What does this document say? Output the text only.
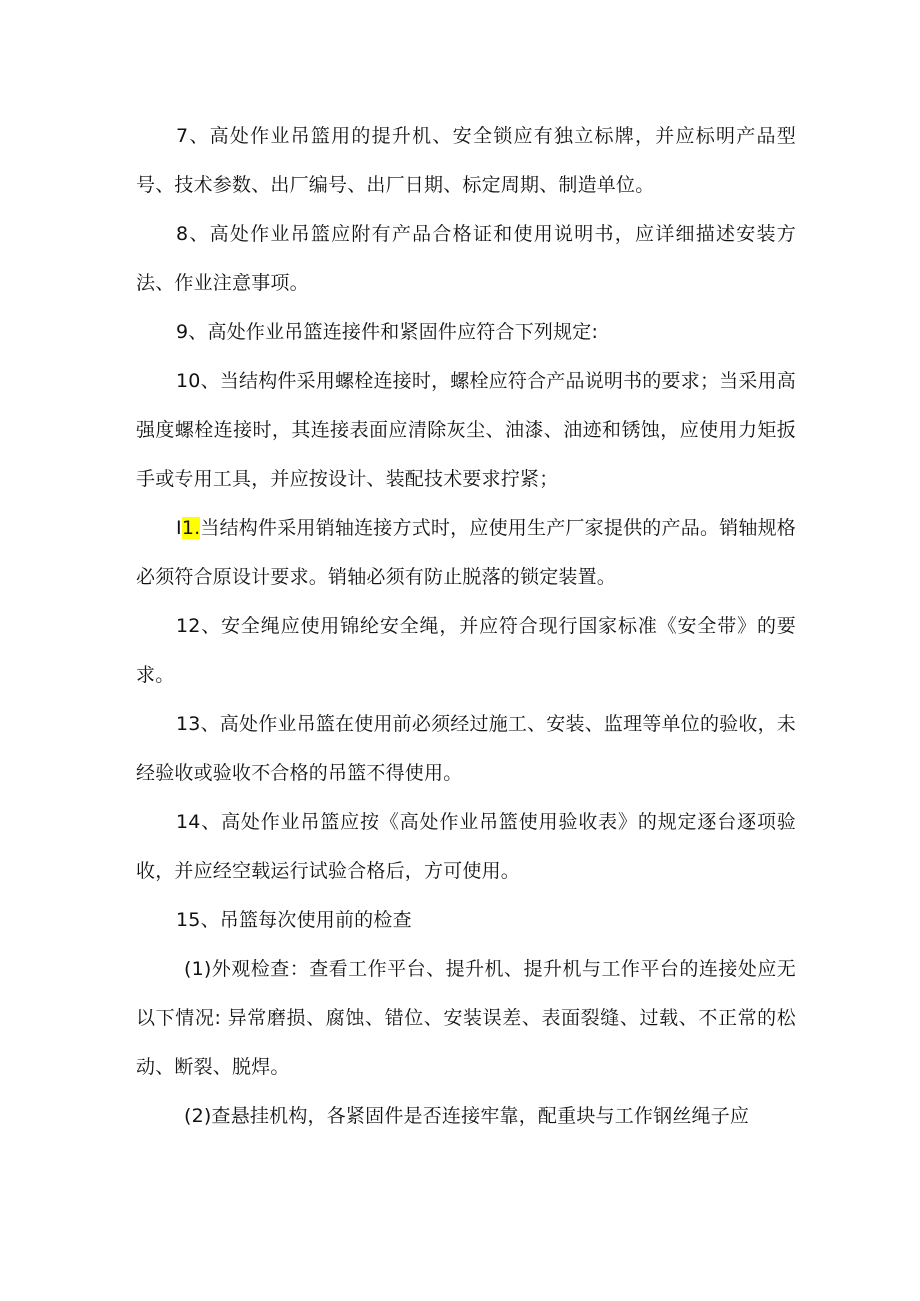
7、高处作业吊篮用的提升机、安全锁应有独立标牌，并应标明产品型号、技术参数、出厂编号、出厂日期、标定周期、制造单位。

8、高处作业吊篮应附有产品合格证和使用说明书，应详细描述安装方法、作业注意事项。

9、高处作业吊篮连接件和紧固件应符合下列规定:

10、当结构件采用螺栓连接时，螺栓应符合产品说明书的要求；当采用高强度螺栓连接时，其连接表面应清除灰尘、油漆、油迹和锈蚀，应使用力矩扳手或专用工具，并应按设计、装配技术要求拧紧；

I1.当结构件采用销轴连接方式时，应使用生产厂家提供的产品。销轴规格必须符合原设计要求。销轴必须有防止脱落的锁定装置。

12、安全绳应使用锦纶安全绳，并应符合现行国家标准《安全带》的要求。

13、高处作业吊篮在使用前必须经过施工、安装、监理等单位的验收，未经验收或验收不合格的吊篮不得使用。

14、高处作业吊篮应按《高处作业吊篮使用验收表》的规定逐台逐项验收，并应经空载运行试验合格后，方可使用。

15、吊篮每次使用前的检查

(1)外观检查：查看工作平台、提升机、提升机与工作平台的连接处应无以下情况: 异常磨损、腐蚀、错位、安装误差、表面裂缝、过载、不正常的松动、断裂、脱焊。

(2)查悬挂机构，各紧固件是否连接牢靠，配重块与工作钢丝绳子应
